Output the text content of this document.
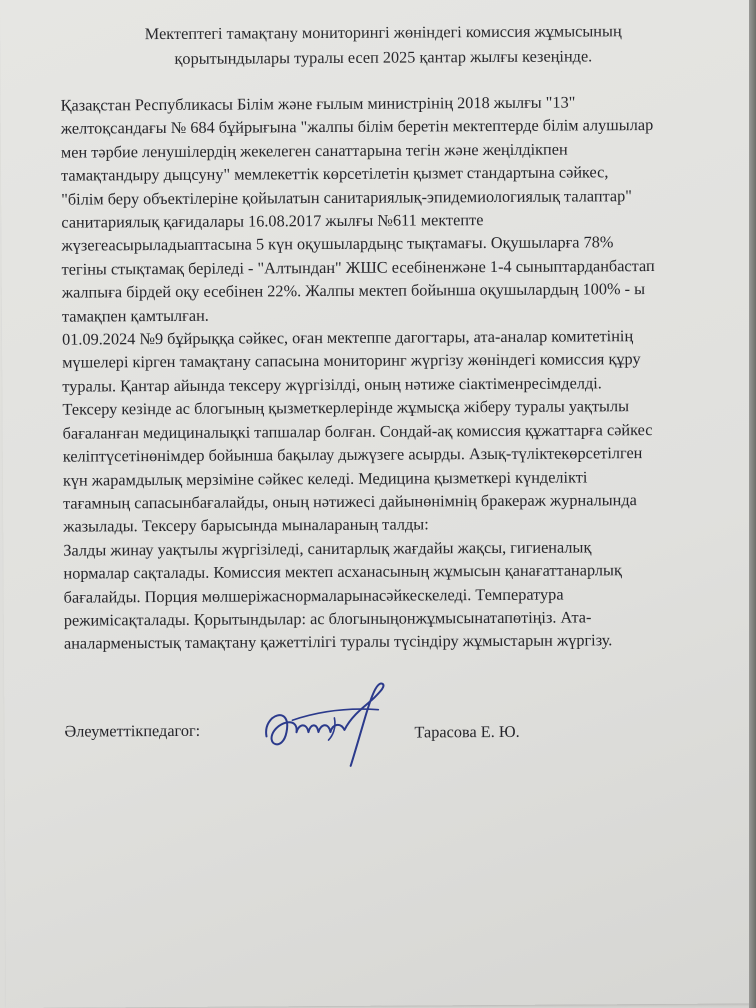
Мектептегі тамақтану мониторингі жөніндегі комиссия жұмысының
қорытындылары туралы есеп 2025 қантар жылғы кезеңінде.
Қазақстан Республикасы Білім және ғылым министрінің 2018 жылғы "13"
желтоқсандағы № 684 бұйрығына "жалпы білім беретін мектептерде білім алушылар
мен тәрбие ленушілердің жекелеген санаттарына тегін және жеңілдікпен
тамақтандыру дыцсуну" мемлекеттік көрсетілетін қызмет стандартына сәйкес,
"білім беру объектілеріне қойылатын санитариялық-эпидемиологиялық талаптар"
санитариялық қағидалары 16.08.2017 жылғы №611 мектепте
жүзегеасырыладыаптасына 5 күн оқушылардыңс тықтамағы. Оқушыларға 78%
тегіны стықтамақ беріледі - "Алтындан" ЖШС есебіненжәне 1-4 сыныптарданбастап
жалпыға бірдей оқу есебінен 22%. Жалпы мектеп бойынша оқушылардың 100% - ы
тамақпен қамтылған.
01.09.2024 №9 бұйрыққа сәйкес, оған мектеппе дагогтары, ата-аналар комитетінің
мүшелері кірген тамақтану сапасына мониторинг жүргізу жөніндегі комиссия құру
туралы. Қантар айында тексеру жүргізілді, оның нәтиже сіактіменресімделді.
Тексеру кезінде ас блогының қызметкерлерінде жұмысқа жіберу туралы уақтылы
бағаланған медициналықкі тапшалар болған. Сондай-ақ комиссия құжаттарға сәйкес
келіптүсетінөнімдер бойынша бақылау дыжүзеге асырды. Азық-түліктекөрсетілген
күн жарамдылық мерзіміне сәйкес келеді. Медицина қызметкері күнделікті
тағамның сапасынбағалайды, оның нәтижесі дайынөнімнің бракераж журналында
жазылады. Тексеру барысында мыналараның талды:
Залды жинау уақтылы жүргізіледі, санитарлық жағдайы жақсы, гигиеналық
нормалар сақталады. Комиссия мектеп асханасының жұмысын қанағаттанарлық
бағалайды. Порция мөлшеріжаснормаларынасәйкескеледі. Температура
режимісақталады. Қорытындылар: ас блогыныңонжұмысынатапөтіңіз. Ата-
аналарменыстық тамақтану қажеттілігі туралы түсіндіру жұмыстарын жүргізу.
Әлеуметтікпедагог:	Тарасова Е. Ю.
